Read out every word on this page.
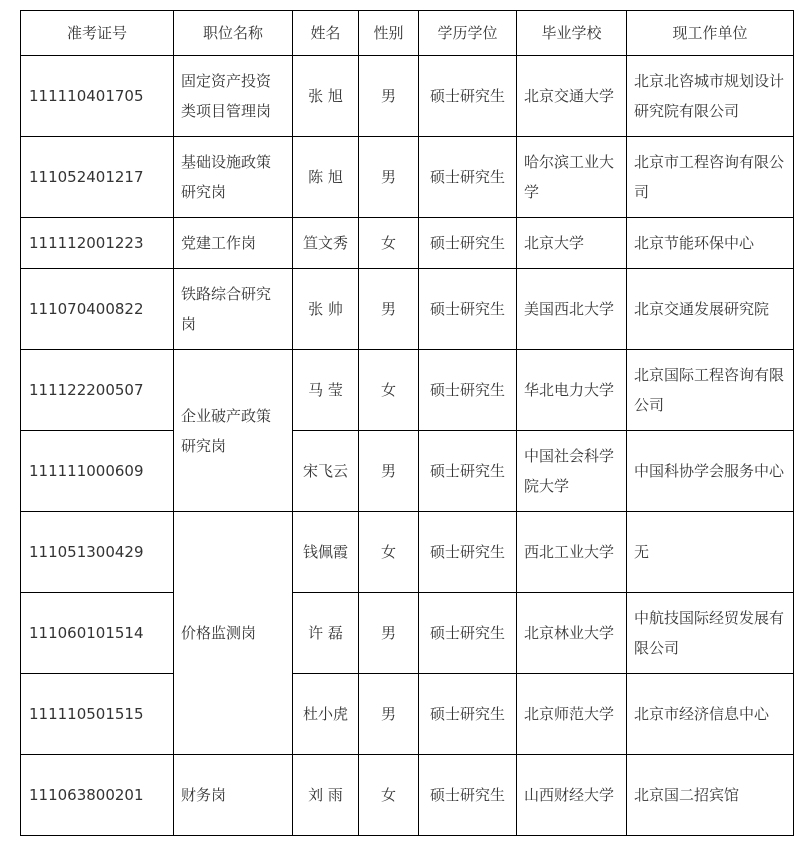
准考证号	职位名称	姓名	性别	学历学位	毕业学校	现工作单位
111110401705	固定资产投资类项目管理岗	张 旭	男	硕士研究生	北京交通大学	北京北咨城市规划设计研究院有限公司
111052401217	基础设施政策研究岗	陈 旭	男	硕士研究生	哈尔滨工业大学	北京市工程咨询有限公司
111112001223	党建工作岗	笪文秀	女	硕士研究生	北京大学	北京节能环保中心
111070400822	铁路综合研究岗	张 帅	男	硕士研究生	美国西北大学	北京交通发展研究院
111122200507	企业破产政策研究岗	马 莹	女	硕士研究生	华北电力大学	北京国际工程咨询有限公司
111111000609		宋飞云	男	硕士研究生	中国社会科学院大学	中国科协学会服务中心
111051300429	价格监测岗	钱佩霞	女	硕士研究生	西北工业大学	无
111060101514		许 磊	男	硕士研究生	北京林业大学	中航技国际经贸发展有限公司
111110501515		杜小虎	男	硕士研究生	北京师范大学	北京市经济信息中心
111063800201	财务岗	刘 雨	女	硕士研究生	山西财经大学	北京国二招宾馆
